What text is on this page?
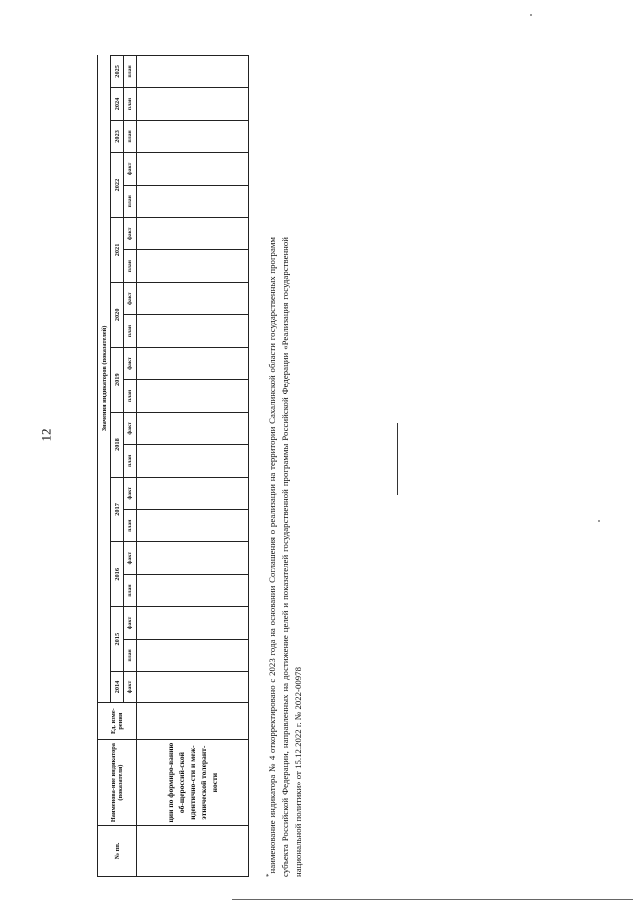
12
№ пп.	Наименова-ние индикатора (показателя)	Ед. изме-рения	Значения индикаторов (показателей)																			
			2014	2015		2016		2017		2018		2019		2020		2021		2022		2023	2024	2025
			факт	план	факт	план	факт	план	факт	план	факт	план	факт	план	факт	план	факт	план	факт	план	план	план
	ции по формиро-ванию об-щероссий-ской идентично-сти и меж-этнической толерант-ности																					
*наименование индикатора № 4 откорректировано с 2023 года на основании Соглашения о реализации на территории Сахалинской области государственных программ субъекта Российской Федерации, направленных на достижение целей и показателей государственной программы Российской Федерации «Реализация государственной национальной политики» от 15.12.2022 г. № 2022-00978
